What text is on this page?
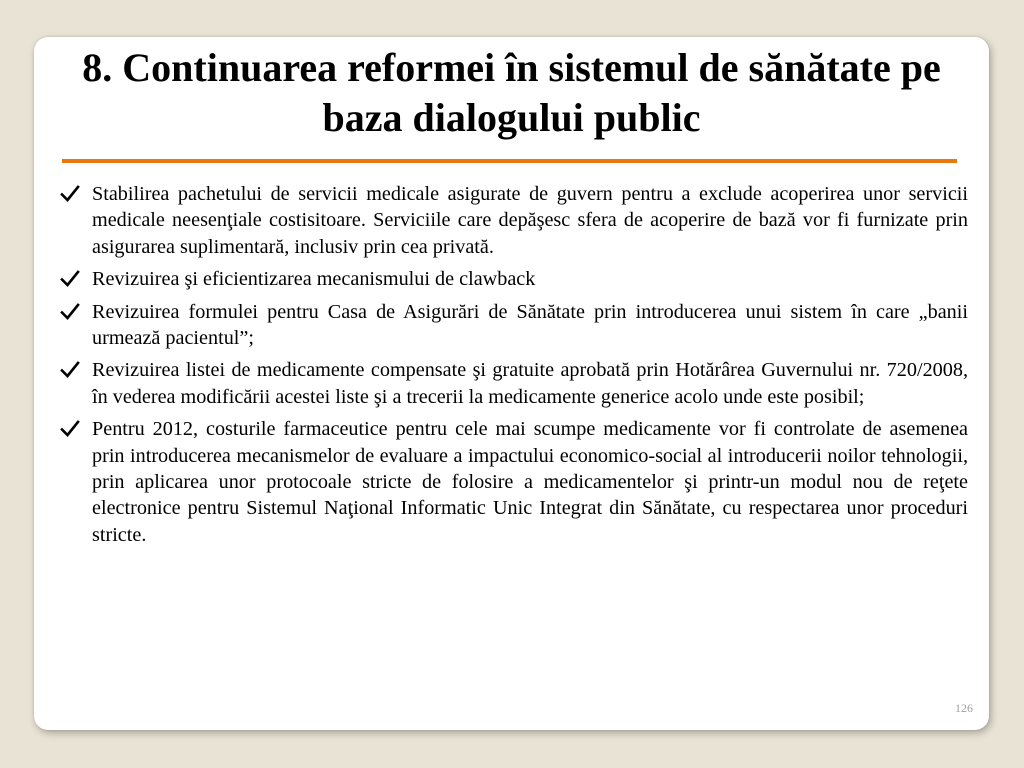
8. Continuarea reformei în sistemul de sănătate pe baza dialogului public
Stabilirea pachetului de servicii medicale asigurate de guvern pentru a exclude acoperirea unor servicii medicale neesenţiale costisitoare. Serviciile care depăşesc sfera de acoperire de bază vor fi furnizate prin asigurarea suplimentară, inclusiv prin cea privată.
Revizuirea şi eficientizarea mecanismului de clawback
Revizuirea formulei pentru Casa de Asigurări de Sănătate prin introducerea unui sistem în care „banii urmează pacientul”;
Revizuirea listei de medicamente compensate şi gratuite aprobată prin Hotărârea Guvernului nr. 720/2008, în vederea modificării acestei liste şi a trecerii la medicamente generice acolo unde este posibil;
Pentru 2012, costurile farmaceutice pentru cele mai scumpe medicamente vor fi controlate de asemenea prin introducerea mecanismelor de evaluare a impactului economico-social al introducerii noilor tehnologii, prin aplicarea unor protocoale stricte de folosire a medicamentelor şi printr-un modul nou de reţete electronice pentru Sistemul Naţional Informatic Unic Integrat din Sănătate, cu respectarea unor proceduri stricte.
126
